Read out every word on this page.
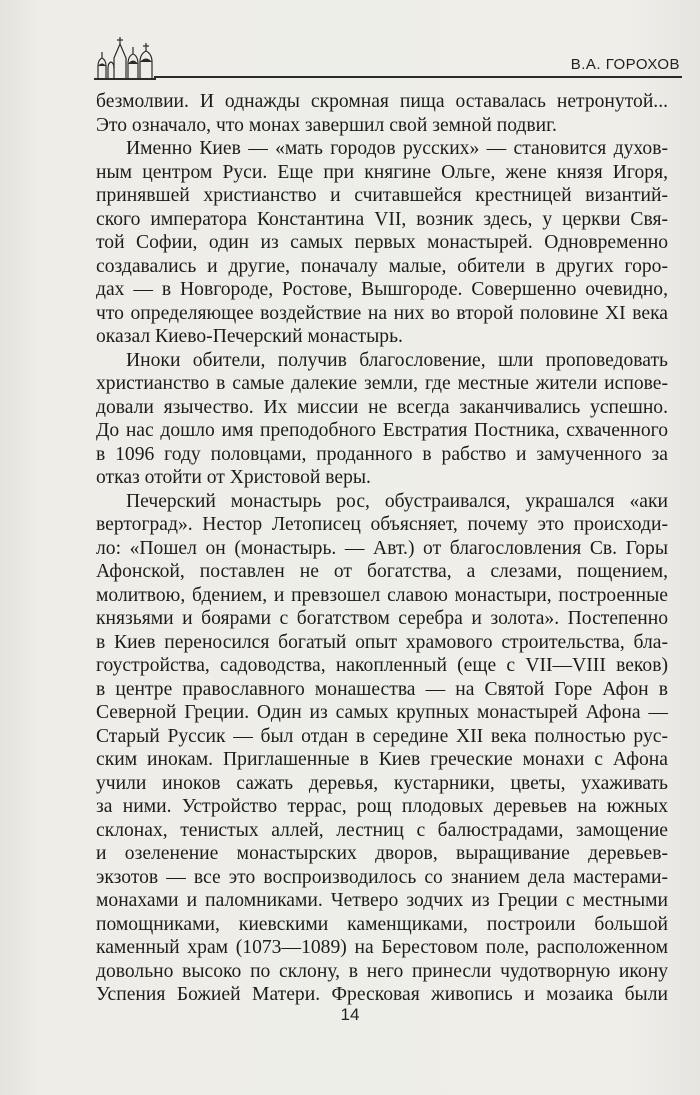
В.А. ГОРОХОВ
безмолвии. И однажды скромная пища оставалась нетронутой...
Это означало, что монах завершил свой земной подвиг.
Именно Киев — «мать городов русских» — становится духов-
ным центром Руси. Еще при княгине Ольге, жене князя Игоря,
принявшей христианство и считавшейся крестницей византий-
ского императора Константина VII, возник здесь, у церкви Свя-
той Софии, один из самых первых монастырей. Одновременно
создавались и другие, поначалу малые, обители в других горо-
дах — в Новгороде, Ростове, Вышгороде. Совершенно очевидно,
что определяющее воздействие на них во второй половине XI века
оказал Киево-Печерский монастырь.
Иноки обители, получив благословение, шли проповедовать
христианство в самые далекие земли, где местные жители испове-
довали язычество. Их миссии не всегда заканчивались успешно.
До нас дошло имя преподобного Евстратия Постника, схваченного
в 1096 году половцами, проданного в рабство и замученного за
отказ отойти от Христовой веры.
Печерский монастырь рос, обустраивался, украшался «аки
вертоград». Нестор Летописец объясняет, почему это происходи-
ло: «Пошел он (монастырь. — Авт.) от благословления Св. Горы
Афонской, поставлен не от богатства, а слезами, пощением,
молитвою, бдением, и превзошел славою монастыри, построенные
князьями и боярами с богатством серебра и золота». Постепенно
в Киев переносился богатый опыт храмового строительства, бла-
гоустройства, садоводства, накопленный (еще с VII—VIII веков)
в центре православного монашества — на Святой Горе Афон в
Северной Греции. Один из самых крупных монастырей Афона —
Старый Руссик — был отдан в середине XII века полностью рус-
ским инокам. Приглашенные в Киев греческие монахи с Афона
учили иноков сажать деревья, кустарники, цветы, ухаживать
за ними. Устройство террас, рощ плодовых деревьев на южных
склонах, тенистых аллей, лестниц с балюстрадами, замощение
и озеленение монастырских дворов, выращивание деревьев-
экзотов — все это воспроизводилось со знанием дела мастерами-
монахами и паломниками. Четверо зодчих из Греции с местными
помощниками, киевскими каменщиками, построили большой
каменный храм (1073—1089) на Берестовом поле, расположенном
довольно высоко по склону, в него принесли чудотворную икону
Успения Божией Матери. Фресковая живопись и мозаика были
14
